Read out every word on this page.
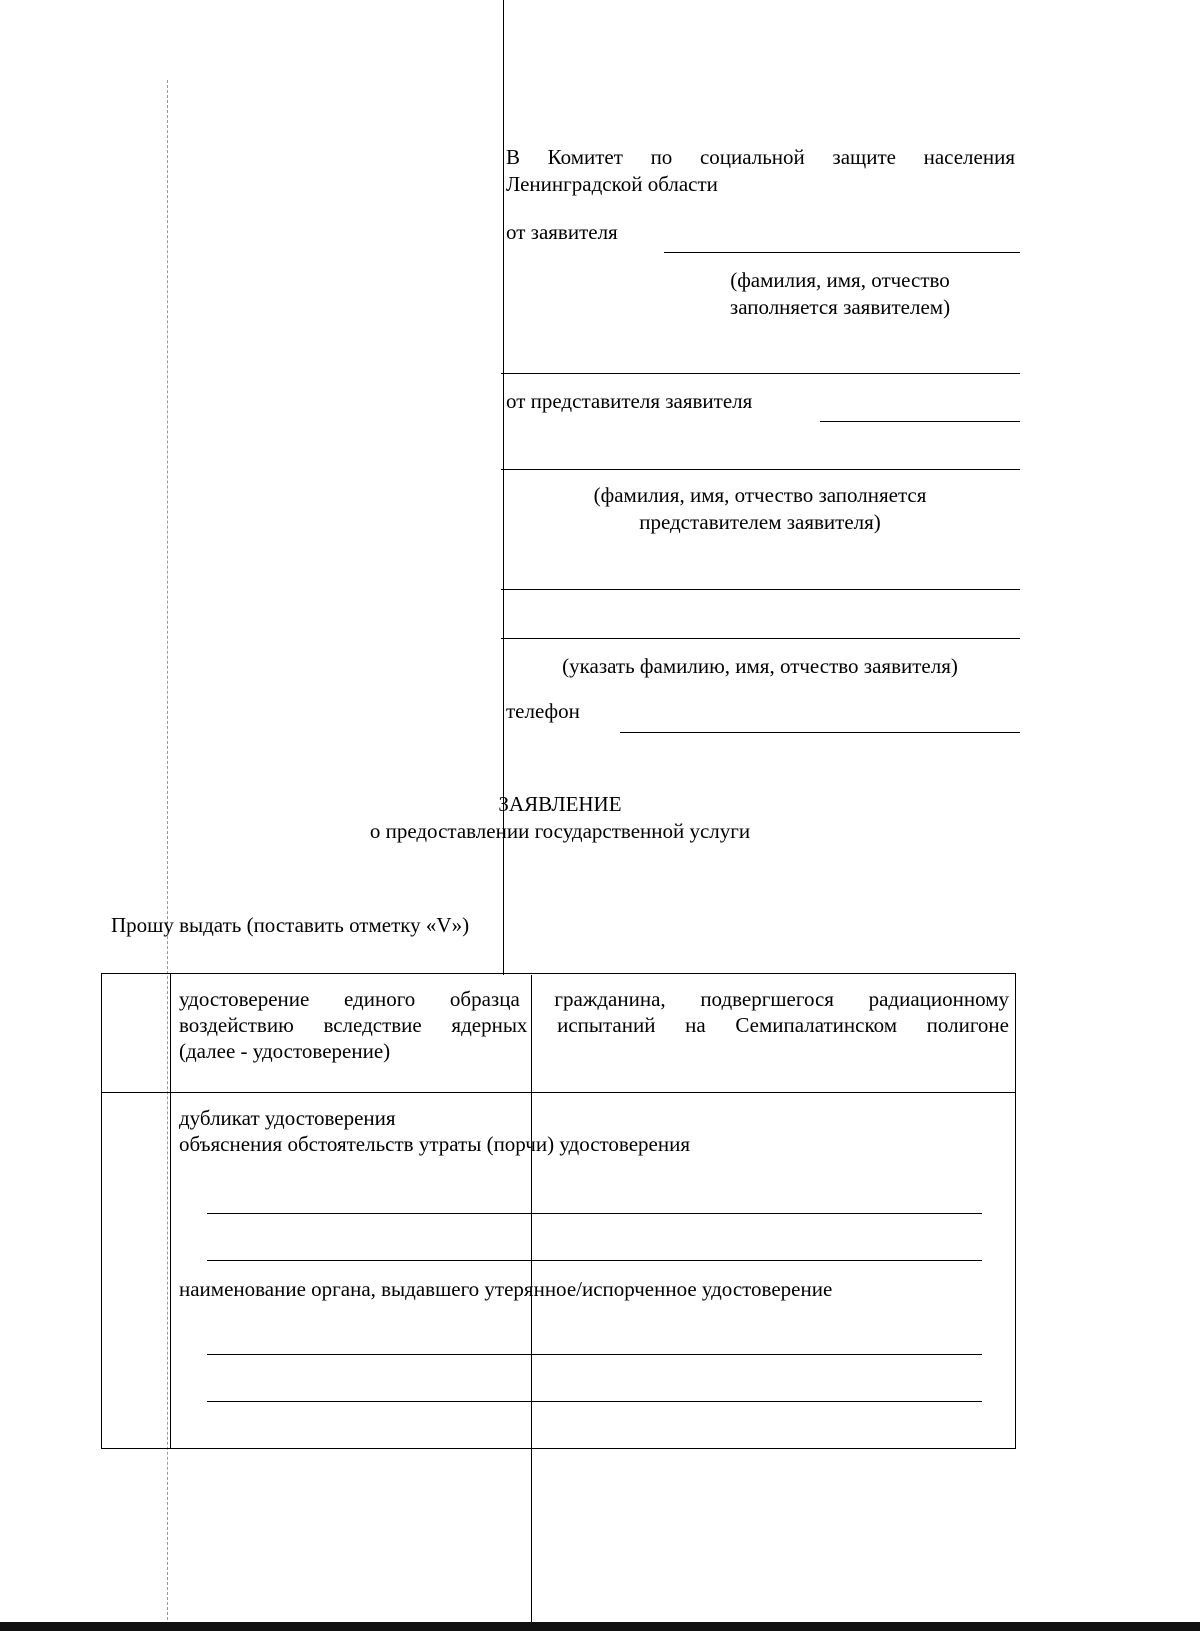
В Комитет по социальной защите населения
Ленинградской области
от заявителя
(фамилия, имя, отчество
заполняется заявителем)
от представителя заявителя
(фамилия, имя, отчество заполняется
представителем заявителя)
(указать фамилию, имя, отчество заявителя)
телефон
ЗАЯВЛЕНИЕ
о предоставлении государственной услуги
Прошу выдать (поставить отметку «V»)

	удостоверение единого образца гражданина, подвергшегося радиационному
воздействию вследствие ядерных испытаний на Семипалатинском полигоне
(далее - удостоверение)

	дубликат удостоверения
объяснения обстоятельств утраты (порчи) удостоверения
наименование органа, выдавшего утерянное/испорченное удостоверение
